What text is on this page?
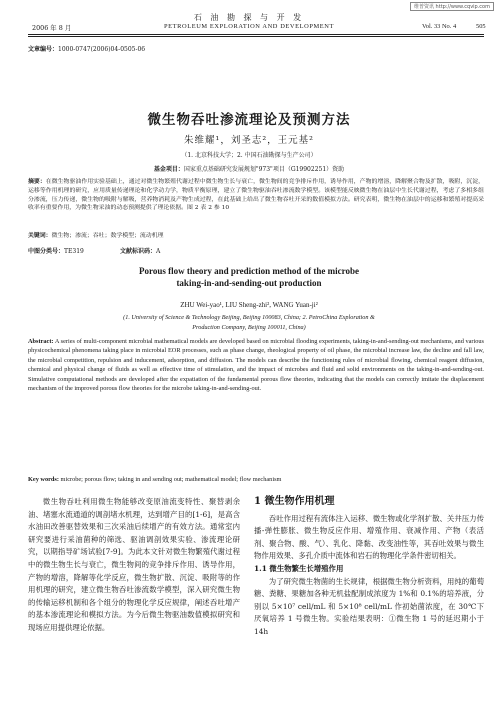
维普资讯 http://www.cqvip.com
石 油 勘 探 与 开 发
2006 年 8 月	PETROLEUM EXPLORATION AND DEVELOPMENT	Vol. 33 No. 4	505
文章编号：1000-0747(2006)04-0505-06
微生物吞吐渗流理论及预测方法
朱维耀¹，刘圣志²，王元基²
（1. 北京科技大学；2. 中国石油勘探与生产公司）
基金项目：国家重点基础研究发展规划"973"项目（G19902251）资助
摘要：在微生物驱油作用实验基础上，通过对微生物繁殖代谢过程中微生物生长与衰亡，微生物间的竞争排斥作用，诱导作用，产物的增溶，降解聚合物及扩散，吸附，沉淀，运移等作用机理的研究，应用质量传递理论和化学动力学，物质平衡原理，建立了微生物驱油吞吐渗流数学模型。该模型能反映微生物在油层中生长代谢过程，考虑了多相多组分渗流，压力传递，微生物的吸附与解吸，营养物消耗及产物生成过程，在此基础上给出了微生物吞吐开采的数值模拟方法。研究表明，微生物在油层中的运移和繁殖对提高采收率有重要作用，为微生物采油的动态预测提供了理论依据。图 2 表 2 参 10
关键词：微生物；渗流；吞吐；数学模型；流动机理
中图分类号：TE319	文献标识码：A
Porous flow theory and prediction method of the microbe
taking-in-and-sending-out production
ZHU Wei-yao¹, LIU Sheng-zhi², WANG Yuan-ji²
(1. University of Science & Technology Beijing, Beijing 100083, China; 2. PetroChina Exploration &
Production Company, Beijing 100011, China)
Abstract: A series of multi-component microbial mathematical models are developed based on microbial flooding experiments, taking-in-and-sending-out mechanisms, and various physicochemical phenomena taking place in microbial EOR processes, such as phase change, rheological property of oil phase, the microbial increase law, the decline and fall law, the microbial competition, repulsion and inducement, adsorption, and diffusion. The models can describe the functioning rules of microbial flowing, chemical reagent diffusion, chemical and physical change of fluids as well as effective time of stimulation, and the impact of microbes and fluid and solid environments on the taking-in-and-sending-out. Simulative computational methods are developed after the expatiation of the fundamental porous flow theories, indicating that the models can correctly imitate the displacement mechanism of the improved porous flow theories for the microbe taking-in-and-sending-out.
Key words: microbe; porous flow; taking in and sending out; mathematical model; flow mechanism

微生物吞吐利用微生物能够改变原油流变特性、聚替剥余油、堵塞水流通道的调剖堵水机理，达到增产目的[1-6]，是高含水油田改善驱替效果和三次采油后续增产的有效方法。通常室内研究要进行采油菌种的筛选、驱油调剖效果实验、渗流理论研究，以期指导矿场试验[7-9]。为此本文针对微生物繁殖代谢过程中的微生物生长与衰亡，微生物间的竞争排斥作用、诱导作用，产物的增溶，降解等化学反应，微生物扩散、沉淀、吸附等的作用机理的研究，建立微生物吞吐渗流数学模型，深入研究微生物的传输运移机制和各个组分的物理化学反应规律，阐述吞吐增产的基本渗流理论和模拟方法。为今后微生物驱油数值模拟研究和现场应用提供理论依据。

1 微生物作用机理

吞吐作用过程有流体注入运移、微生物或化学剂扩散、关井压力传播-弹性膨胀、微生物反应作用、增殖作用、衰减作用、产物（表活剂、聚合物、酸、气）、乳化、降黏、改变油性等，其吞吐效果与微生物作用效果、多孔介质中流体和岩石的物理化学条件密切相关。

1.1 微生物繁生长增殖作用

为了研究微生物菌的生长规律，根据微生物分析资料，用纯的葡萄糖、粪糖、果糖加各种无机盐配制成浓度为 1%和 0.1%的培养液，分别以 5×10⁷ cell/mL 和 5×10⁸ cell/mL 作初始菌浓度，在 30℃下厌氧培养 1 号微生物。实验结果表明：①微生物 1 号的延迟期小于 14h
